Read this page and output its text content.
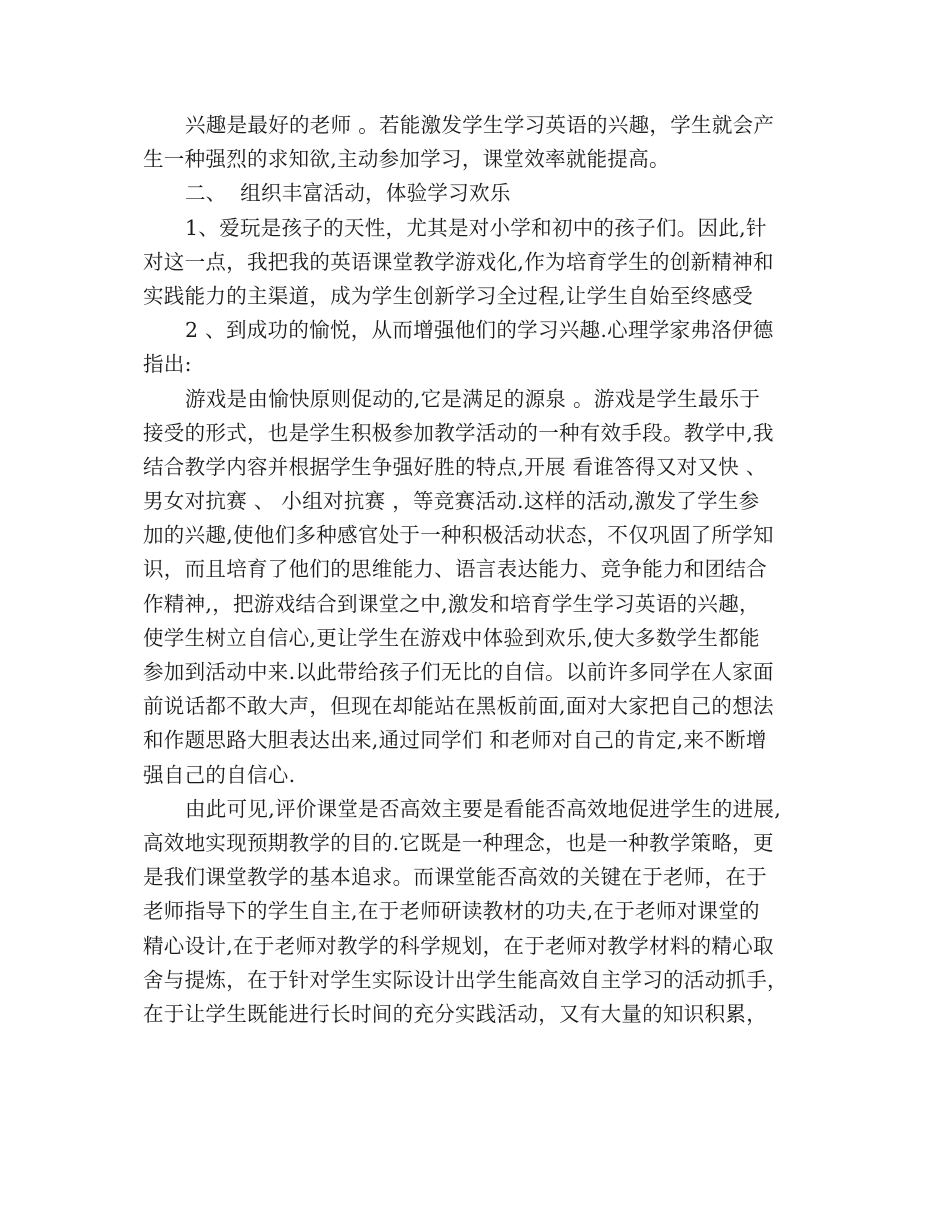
兴趣是最好的老师 。若能激发学生学习英语的兴趣，学生就会产
生一种强烈的求知欲,主动参加学习，课堂效率就能提高。
二、  组织丰富活动，体验学习欢乐
1、爱玩是孩子的天性，尤其是对小学和初中的孩子们。因此,针
对这一点，我把我的英语课堂教学游戏化,作为培育学生的创新精神和
实践能力的主渠道，成为学生创新学习全过程,让学生自始至终感受
2 、到成功的愉悦，从而增强他们的学习兴趣.心理学家弗洛伊德
指出:
游戏是由愉快原则促动的,它是满足的源泉 。游戏是学生最乐于
接受的形式，也是学生积极参加教学活动的一种有效手段。教学中,我
结合教学内容并根据学生争强好胜的特点,开展 看谁答得又对又快 、
男女对抗赛 、 小组对抗赛 ，等竞赛活动.这样的活动,激发了学生参
加的兴趣,使他们多种感官处于一种积极活动状态，不仅巩固了所学知
识，而且培育了他们的思维能力、语言表达能力、竞争能力和团结合
作精神,，把游戏结合到课堂之中,激发和培育学生学习英语的兴趣，
使学生树立自信心,更让学生在游戏中体验到欢乐,使大多数学生都能
参加到活动中来.以此带给孩子们无比的自信。以前许多同学在人家面
前说话都不敢大声，但现在却能站在黑板前面,面对大家把自己的想法
和作题思路大胆表达出来,通过同学们 和老师对自己的肯定,来不断增
强自己的自信心.
由此可见,评价课堂是否高效主要是看能否高效地促进学生的进展,
高效地实现预期教学的目的.它既是一种理念，也是一种教学策略，更
是我们课堂教学的基本追求。而课堂能否高效的关键在于老师，在于
老师指导下的学生自主,在于老师研读教材的功夫,在于老师对课堂的
精心设计,在于老师对教学的科学规划，在于老师对教学材料的精心取
舍与提炼，在于针对学生实际设计出学生能高效自主学习的活动抓手，
在于让学生既能进行长时间的充分实践活动，又有大量的知识积累，
